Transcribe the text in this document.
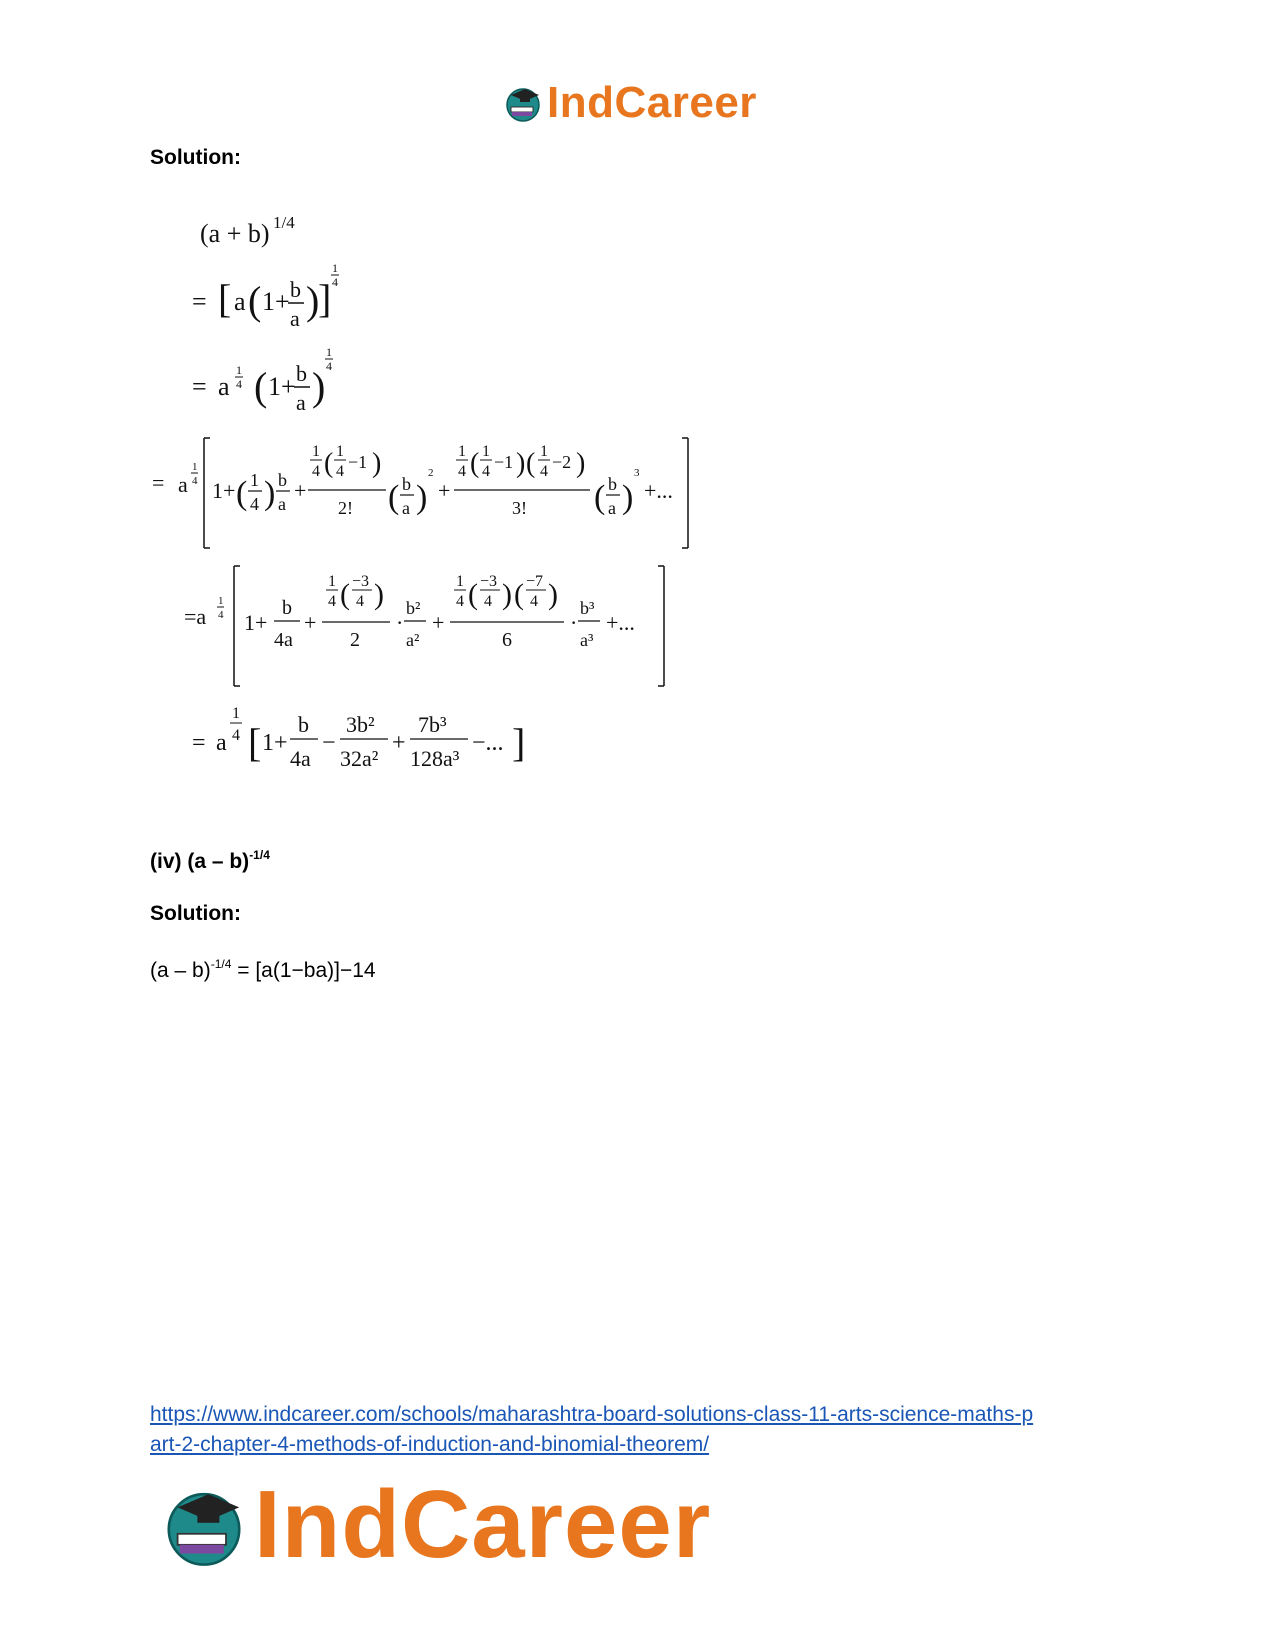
IndCareer
Solution:
(a + b) 1/4
= [ a ( 1+ b
a )
]
1
4
= a
1
4 ( 1+ b
a )
1
4
= a
1
4 1+ ( 1
4 ) b
a
+
1
4 ( 1
4 −1 )
2! ( b
a )
2
+
1
4 ( 1
4 −1 ) ( 1
4 −2 )
3! ( b
a )
3
+...
=a
1
4 1+
b
4a
+
1
4 ( −3
4 )
2
·
b²
a²
+
1
4 ( −3
4 ) ( −7
4 )
6
·
b³
a³
+...
= a
1
4 [ 1+
b
4a
−
3b²
32a²
+
7b³
128a³
−... ]
(iv) (a – b)$^{-1/4}$
Solution:
(a – b)$^{-1/4}$ = [a(1−ba)]−14
https://www.indcareer.com/schools/maharashtra-board-solutions-class-11-arts-science-maths-p
art-2-chapter-4-methods-of-induction-and-binomial-theorem/
IndCareer
